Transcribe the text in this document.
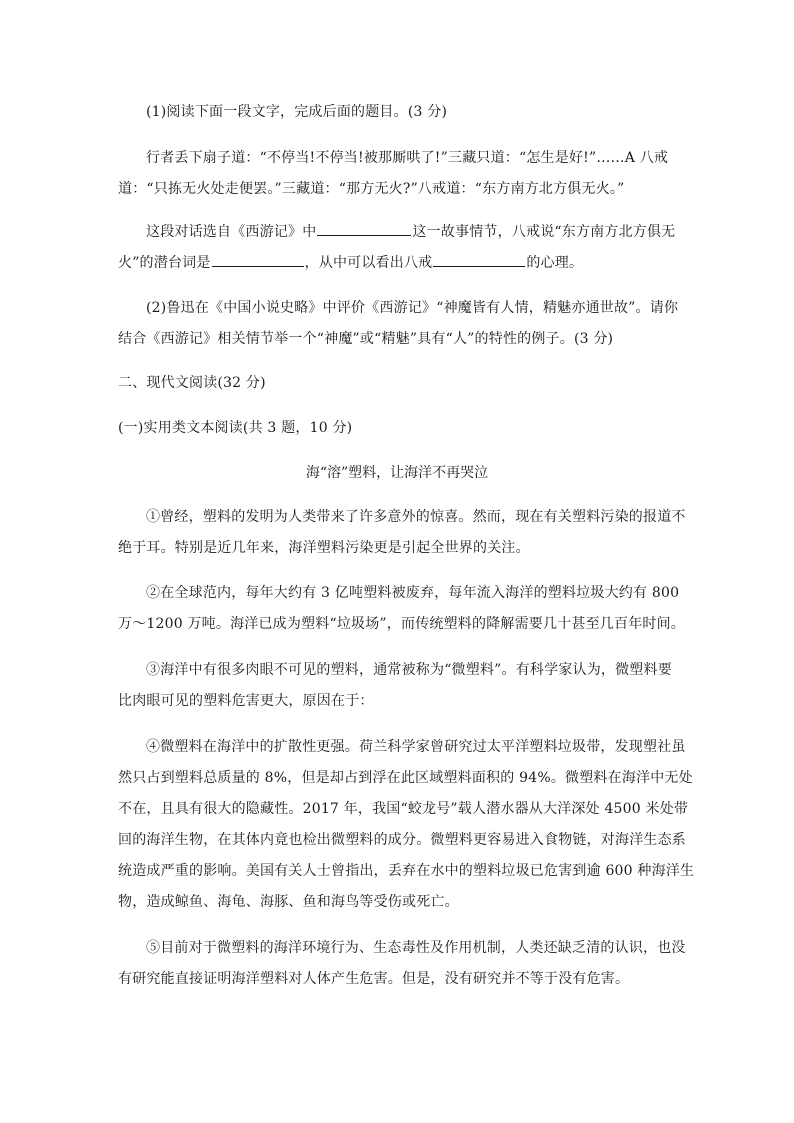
(1)阅读下面一段文字，完成后面的题目。(3 分)
行者丢下扇子道：“不停当!不停当!被那厮哄了!”三藏只道：“怎生是好!”……A 八戒
道：“只拣无火处走便罢。”三藏道：“那方无火?”八戒道：“东方南方北方俱无火。”
这段对话选自《西游记》中	这一故事情节，八戒说“东方南方北方俱无
火”的潜台词是	，从中可以看出八戒	的心理。
(2)鲁迅在《中国小说史略》中评价《西游记》“神魔皆有人情，精魅亦通世故”。请你
结合《西游记》相关情节举一个“神魔”或“精魅”具有“人”的特性的例子。(3 分)
二、现代文阅读(32 分)
(一)实用类文本阅读(共 3 题，10 分)
海“溶”塑料，让海洋不再哭泣
①曾经，塑料的发明为人类带来了许多意外的惊喜。然而，现在有关塑料污染的报道不
绝于耳。特别是近几年来，海洋塑料污染更是引起全世界的关注。
②在全球范内，每年大约有 3 亿吨塑料被废弃，每年流入海洋的塑料垃圾大约有 800
万～1200 万吨。海洋已成为塑料“垃圾场”，而传统塑料的降解需要几十甚至几百年时间。
③海洋中有很多肉眼不可见的塑料，通常被称为“微塑料”。有科学家认为，微塑料要
比肉眼可见的塑料危害更大，原因在于：
④微塑料在海洋中的扩散性更强。荷兰科学家曾研究过太平洋塑料垃圾带，发现塑社虽
然只占到塑料总质量的 8%，但是却占到浮在此区域塑料面积的 94%。微塑料在海洋中无处
不在，且具有很大的隐藏性。2017 年，我国“蛟龙号”载人潜水器从大洋深处 4500 米处带
回的海洋生物，在其体内竟也检出微塑料的成分。微塑料更容易进入食物链，对海洋生态系
统造成严重的影响。美国有关人士曾指出，丢弃在水中的塑料垃圾已危害到逾 600 种海洋生
物，造成鲸鱼、海龟、海豚、鱼和海鸟等受伤或死亡。
⑤目前对于微塑料的海洋环境行为、生态毒性及作用机制，人类还缺乏清的认识，也没
有研究能直接证明海洋塑料对人体产生危害。但是，没有研究并不等于没有危害。
